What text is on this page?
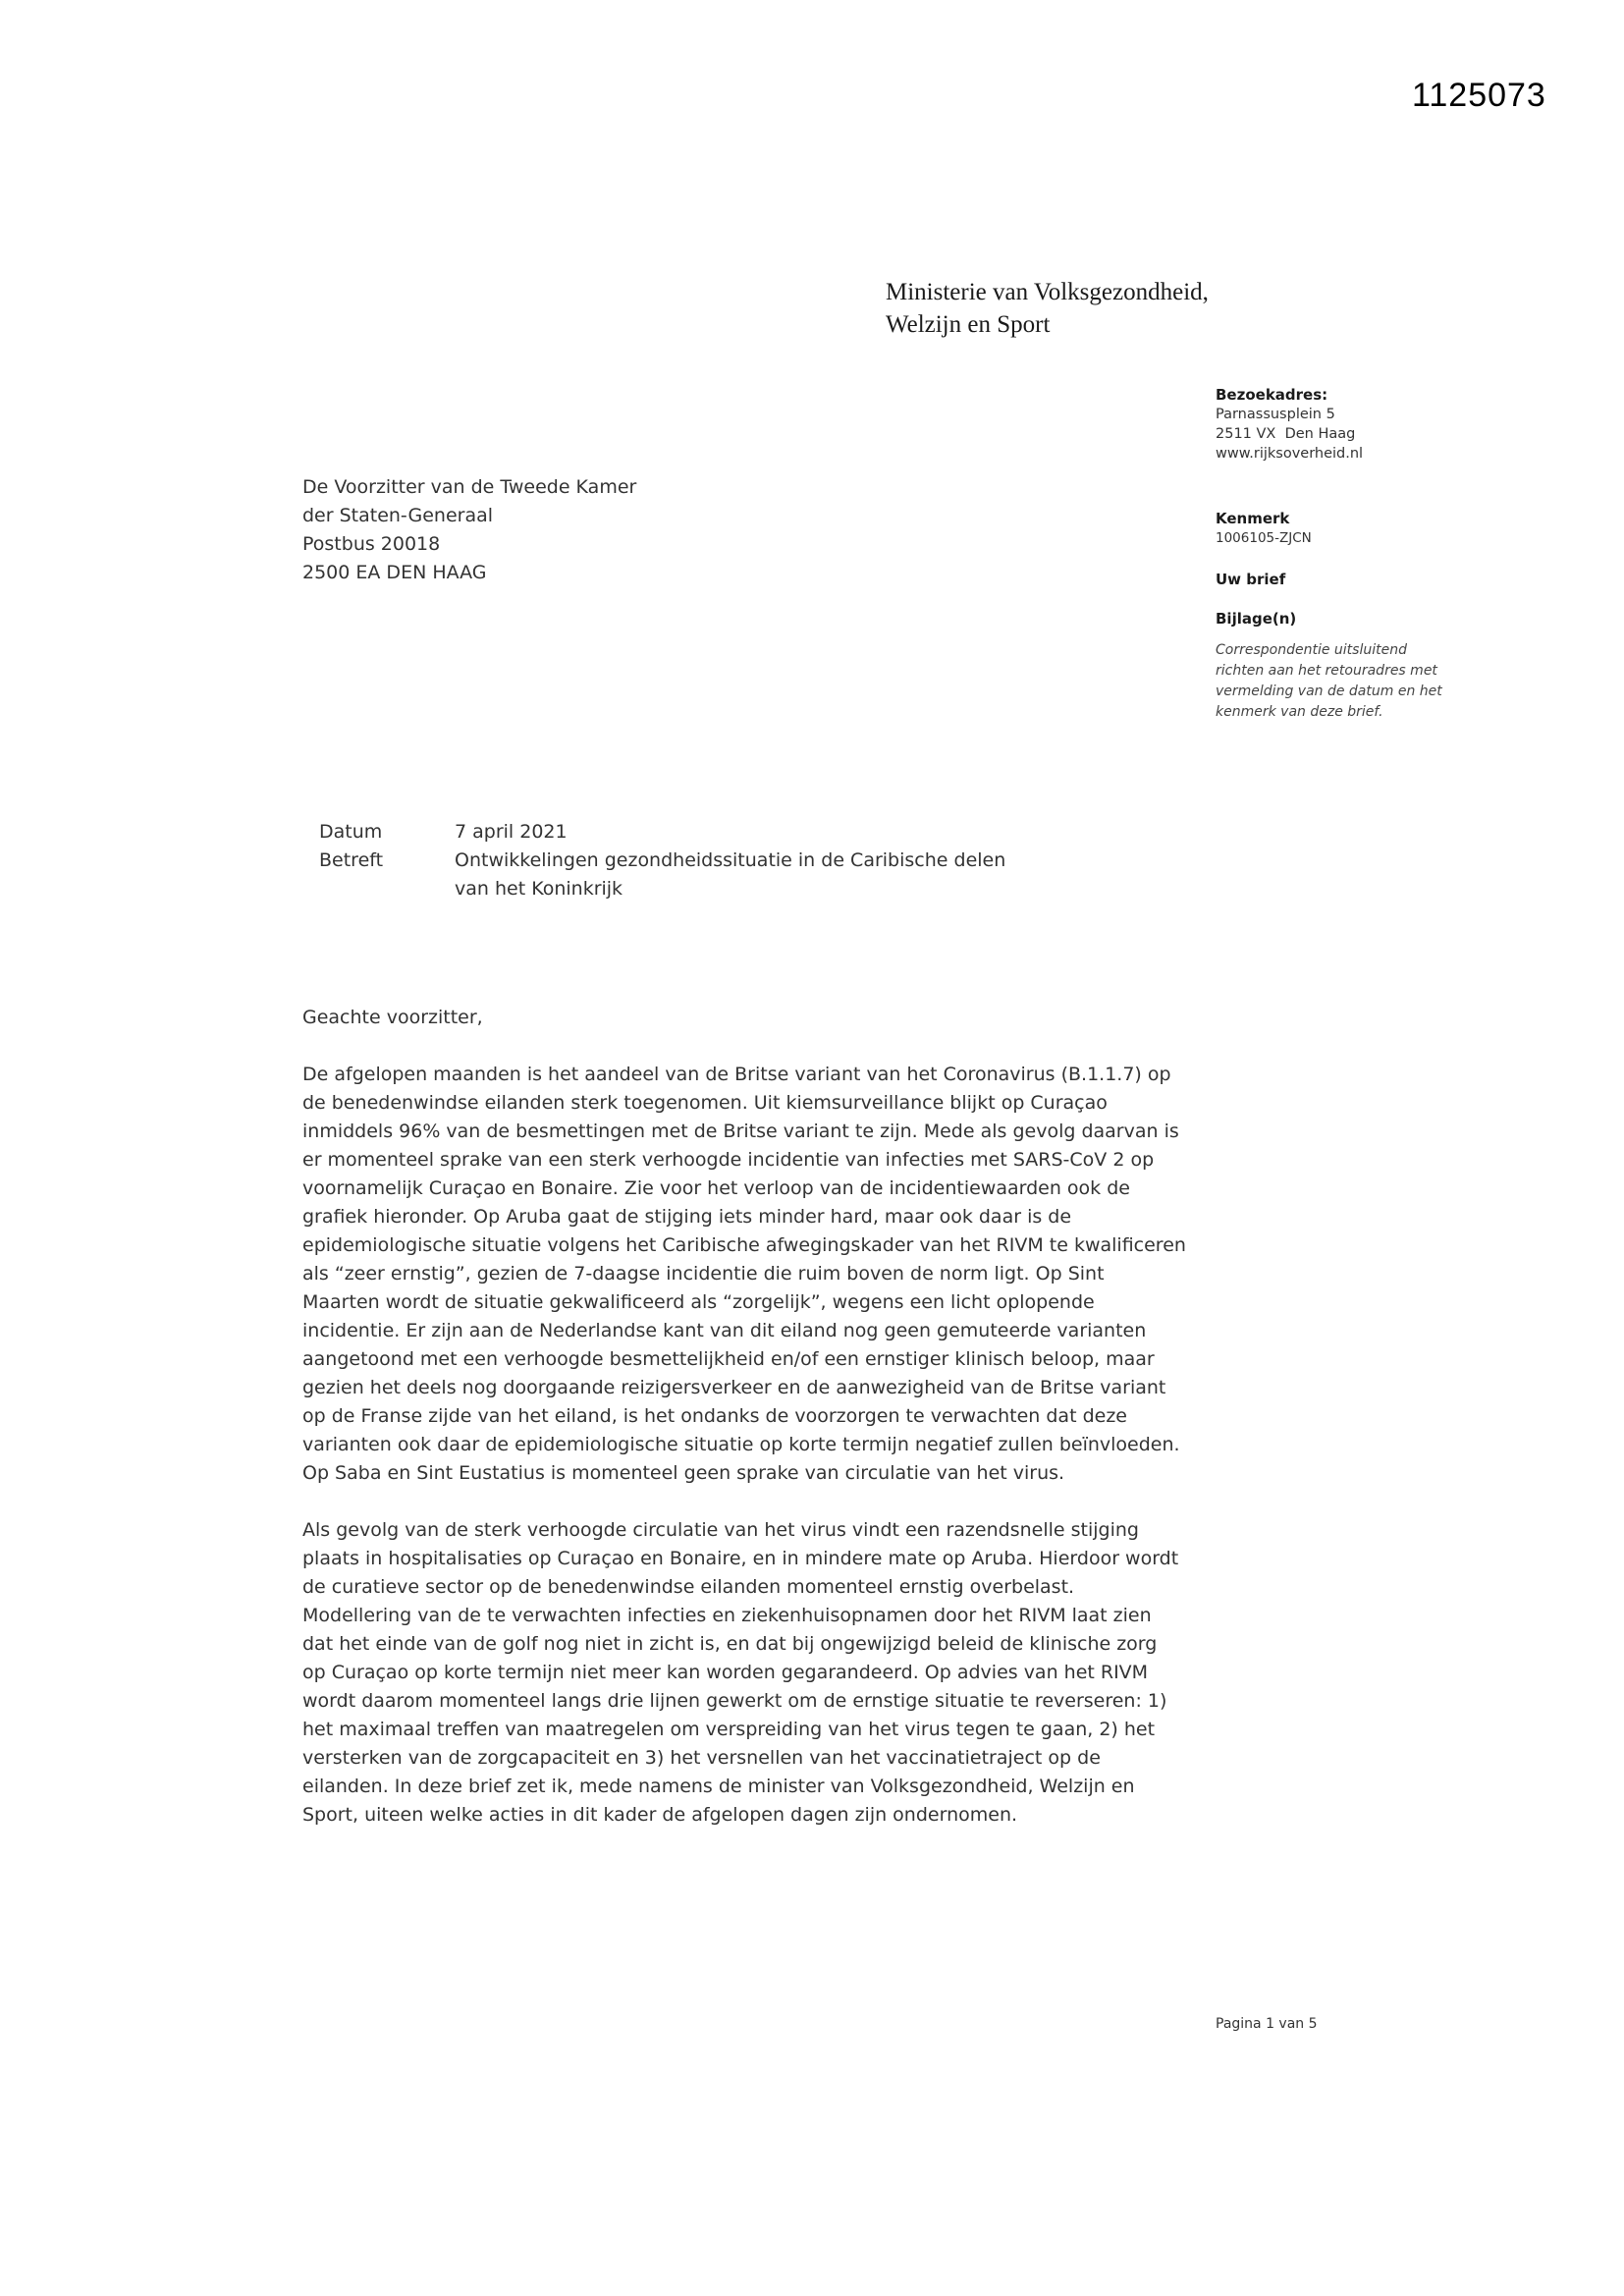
1125073
Ministerie van Volksgezondheid,
Welzijn en Sport
De Voorzitter van de Tweede Kamer
der Staten-Generaal
Postbus 20018
2500 EA DEN HAAG
Bezoekadres:
Parnassusplein 5
2511 VX  Den Haag
www.rijksoverheid.nl
Kenmerk
1006105-ZJCN
Uw brief
Bijlage(n)
Correspondentie uitsluitend richten aan het retouradres met vermelding van de datum en het kenmerk van deze brief.
Datum	7 april 2021
Betreft	Ontwikkelingen gezondheidssituatie in de Caribische delen van het Koninkrijk

Geachte voorzitter,

De afgelopen maanden is het aandeel van de Britse variant van het Coronavirus (B.1.1.7) op de benedenwindse eilanden sterk toegenomen. Uit kiemsurveillance blijkt op Curaçao inmiddels 96% van de besmettingen met de Britse variant te zijn. Mede als gevolg daarvan is er momenteel sprake van een sterk verhoogde incidentie van infecties met SARS-CoV 2 op voornamelijk Curaçao en Bonaire. Zie voor het verloop van de incidentiewaarden ook de grafiek hieronder. Op Aruba gaat de stijging iets minder hard, maar ook daar is de epidemiologische situatie volgens het Caribische afwegingskader van het RIVM te kwalificeren als “zeer ernstig”, gezien de 7-daagse incidentie die ruim boven de norm ligt. Op Sint Maarten wordt de situatie gekwalificeerd als “zorgelijk”, wegens een licht oplopende incidentie. Er zijn aan de Nederlandse kant van dit eiland nog geen gemuteerde varianten aangetoond met een verhoogde besmettelijkheid en/of een ernstiger klinisch beloop, maar gezien het deels nog doorgaande reizigersverkeer en de aanwezigheid van de Britse variant op de Franse zijde van het eiland, is het ondanks de voorzorgen te verwachten dat deze varianten ook daar de epidemiologische situatie op korte termijn negatief zullen beïnvloeden. Op Saba en Sint Eustatius is momenteel geen sprake van circulatie van het virus.

Als gevolg van de sterk verhoogde circulatie van het virus vindt een razendsnelle stijging plaats in hospitalisaties op Curaçao en Bonaire, en in mindere mate op Aruba. Hierdoor wordt de curatieve sector op de benedenwindse eilanden momenteel ernstig overbelast. Modellering van de te verwachten infecties en ziekenhuisopnamen door het RIVM laat zien dat het einde van de golf nog niet in zicht is, en dat bij ongewijzigd beleid de klinische zorg op Curaçao op korte termijn niet meer kan worden gegarandeerd. Op advies van het RIVM wordt daarom momenteel langs drie lijnen gewerkt om de ernstige situatie te reverseren: 1) het maximaal treffen van maatregelen om verspreiding van het virus tegen te gaan, 2) het versterken van de zorgcapaciteit en 3) het versnellen van het vaccinatietraject op de eilanden. In deze brief zet ik, mede namens de minister van Volksgezondheid, Welzijn en Sport, uiteen welke acties in dit kader de afgelopen dagen zijn ondernomen.

Pagina 1 van 5
